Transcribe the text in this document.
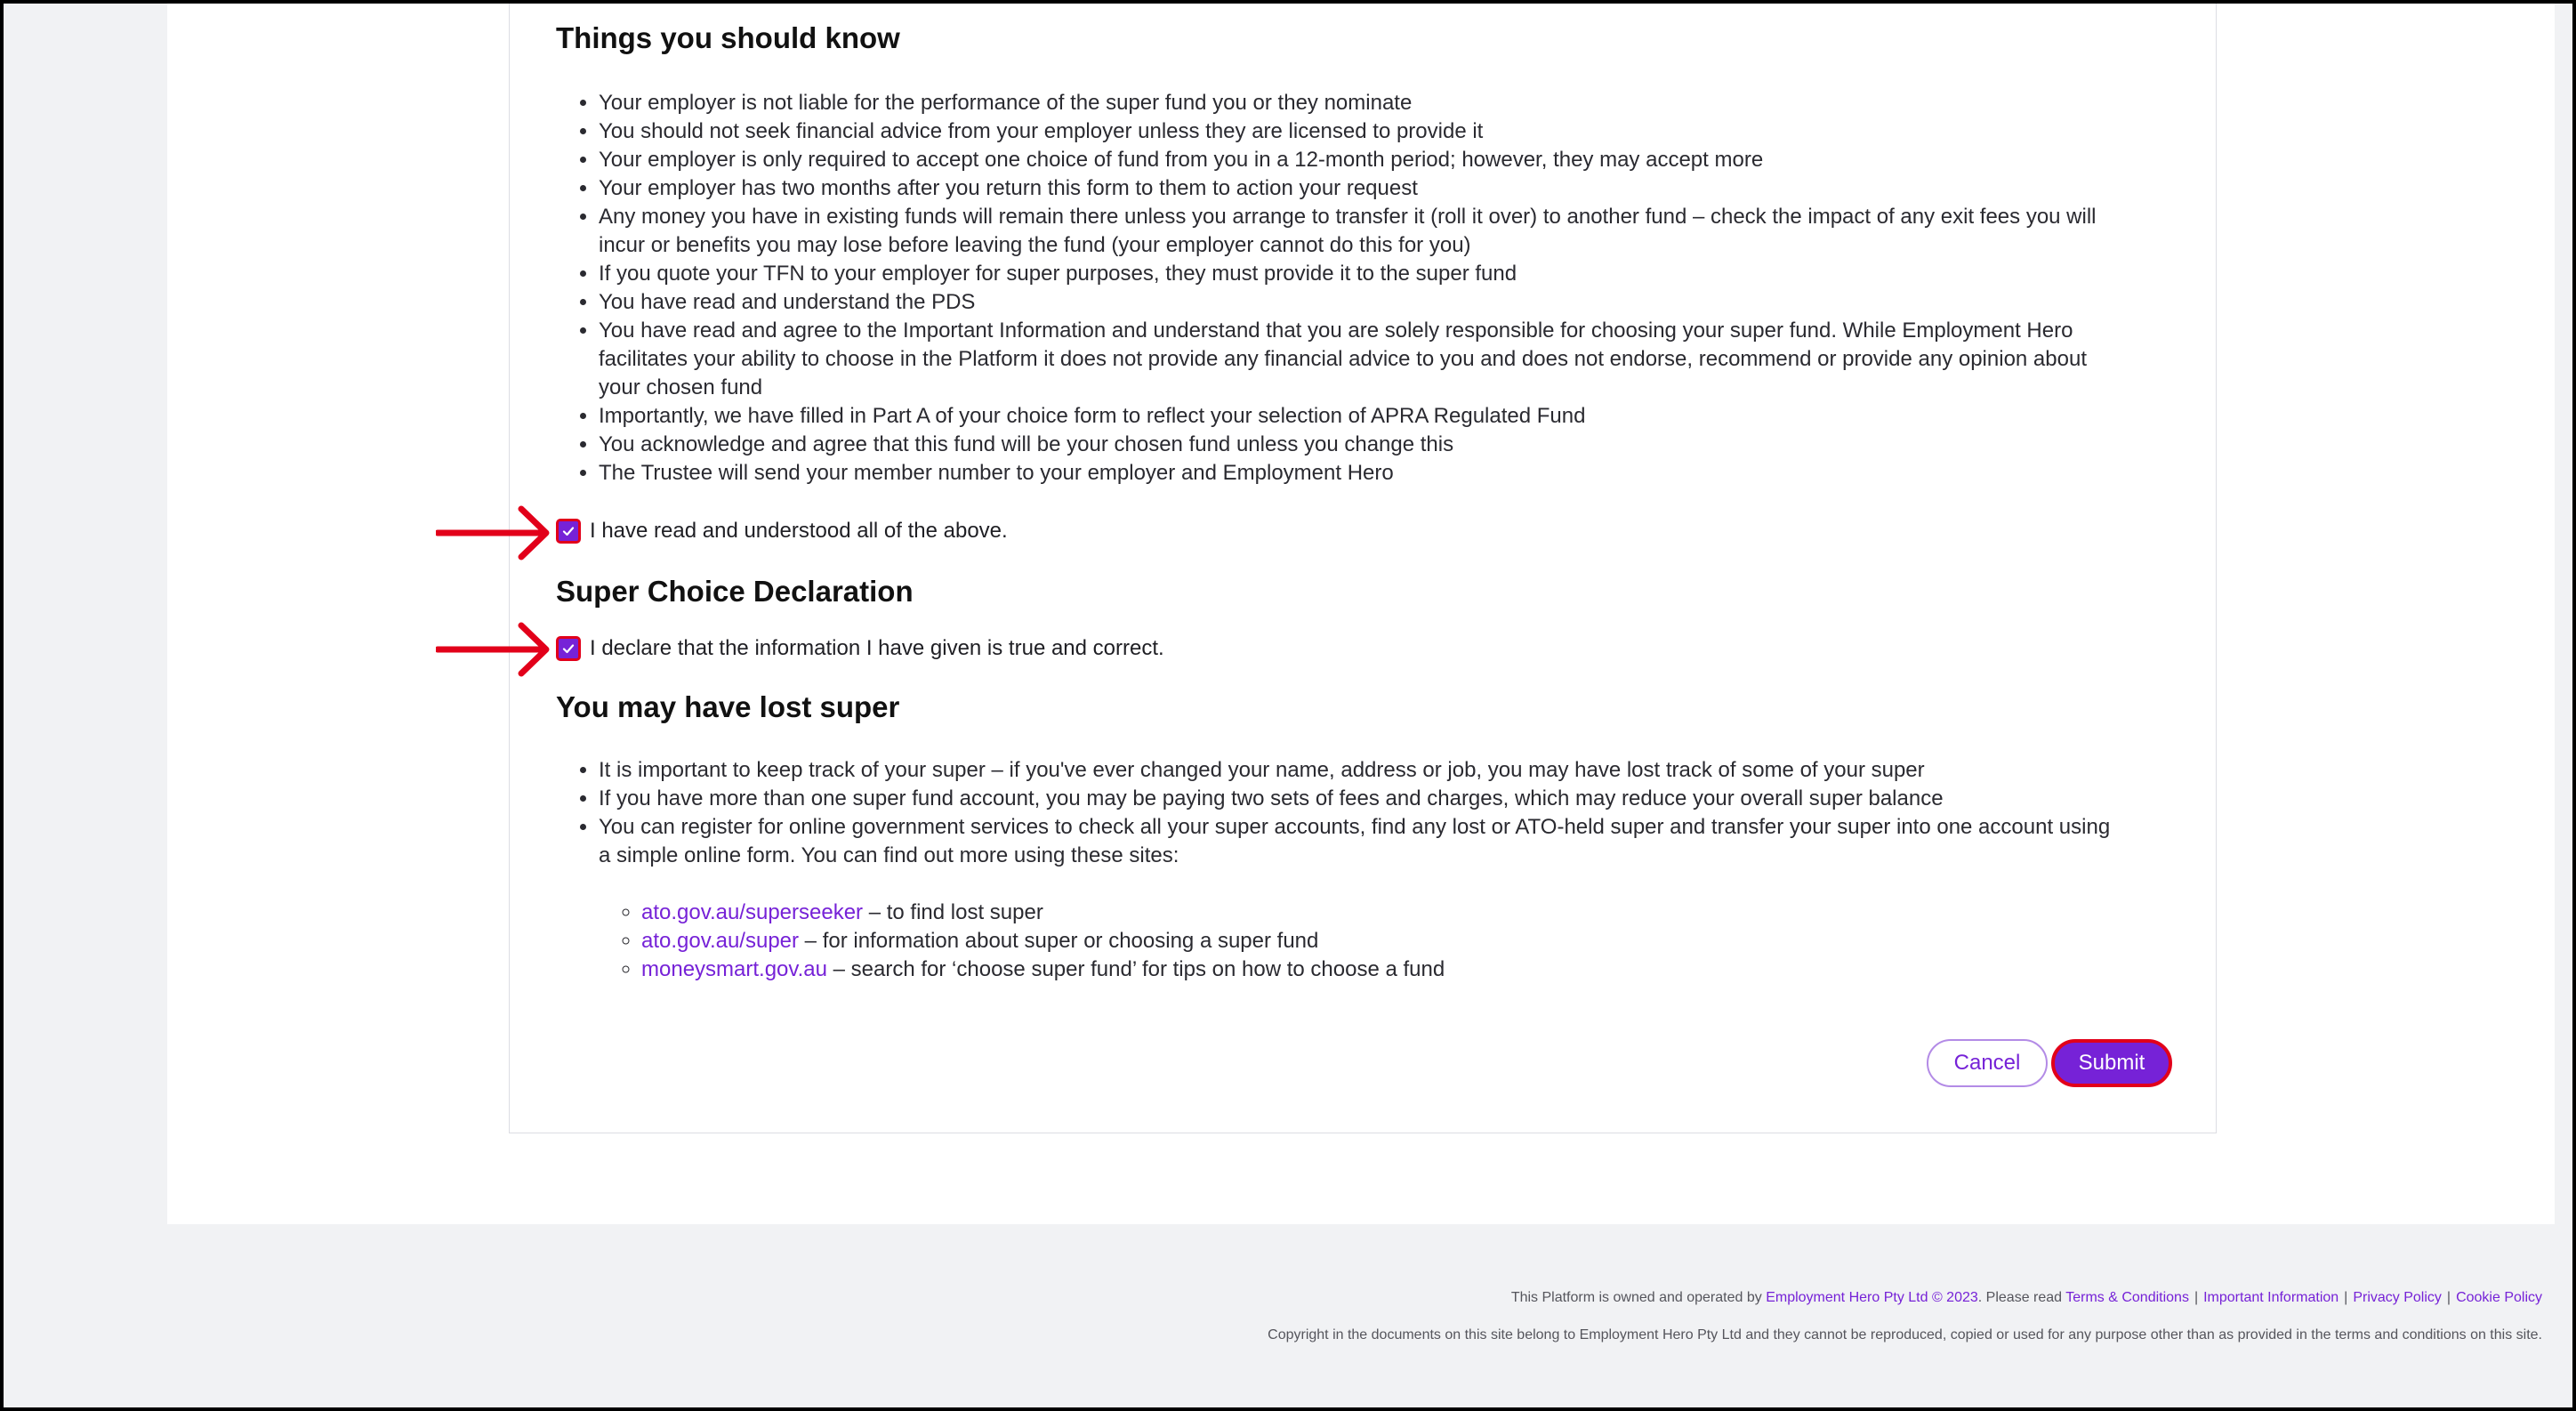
Things you should know
• Your employer is not liable for the performance of the super fund you or they nominate
• You should not seek financial advice from your employer unless they are licensed to provide it
• Your employer is only required to accept one choice of fund from you in a 12-month period; however, they may accept more
• Your employer has two months after you return this form to them to action your request
• Any money you have in existing funds will remain there unless you arrange to transfer it (roll it over) to another fund – check the impact of any exit fees you will incur or benefits you may lose before leaving the fund (your employer cannot do this for you)
• If you quote your TFN to your employer for super purposes, they must provide it to the super fund
• You have read and understand the PDS
• You have read and agree to the Important Information and understand that you are solely responsible for choosing your super fund. While Employment Hero facilitates your ability to choose in the Platform it does not provide any financial advice to you and does not endorse, recommend or provide any opinion about your chosen fund
• Importantly, we have filled in Part A of your choice form to reflect your selection of APRA Regulated Fund
• You acknowledge and agree that this fund will be your chosen fund unless you change this
• The Trustee will send your member number to your employer and Employment Hero
I have read and understood all of the above.
Super Choice Declaration
I declare that the information I have given is true and correct.
You may have lost super
• It is important to keep track of your super – if you've ever changed your name, address or job, you may have lost track of some of your super
• If you have more than one super fund account, you may be paying two sets of fees and charges, which may reduce your overall super balance
• You can register for online government services to check all your super accounts, find any lost or ATO-held super and transfer your super into one account using a simple online form. You can find out more using these sites:
◦ ato.gov.au/superseeker – to find lost super
◦ ato.gov.au/super – for information about super or choosing a super fund
◦ moneysmart.gov.au – search for ‘choose super fund’ for tips on how to choose a fund
Cancel	Submit
This Platform is owned and operated by Employment Hero Pty Ltd © 2023. Please read Terms & Conditions | Important Information | Privacy Policy | Cookie Policy
Copyright in the documents on this site belong to Employment Hero Pty Ltd and they cannot be reproduced, copied or used for any purpose other than as provided in the terms and conditions on this site.
